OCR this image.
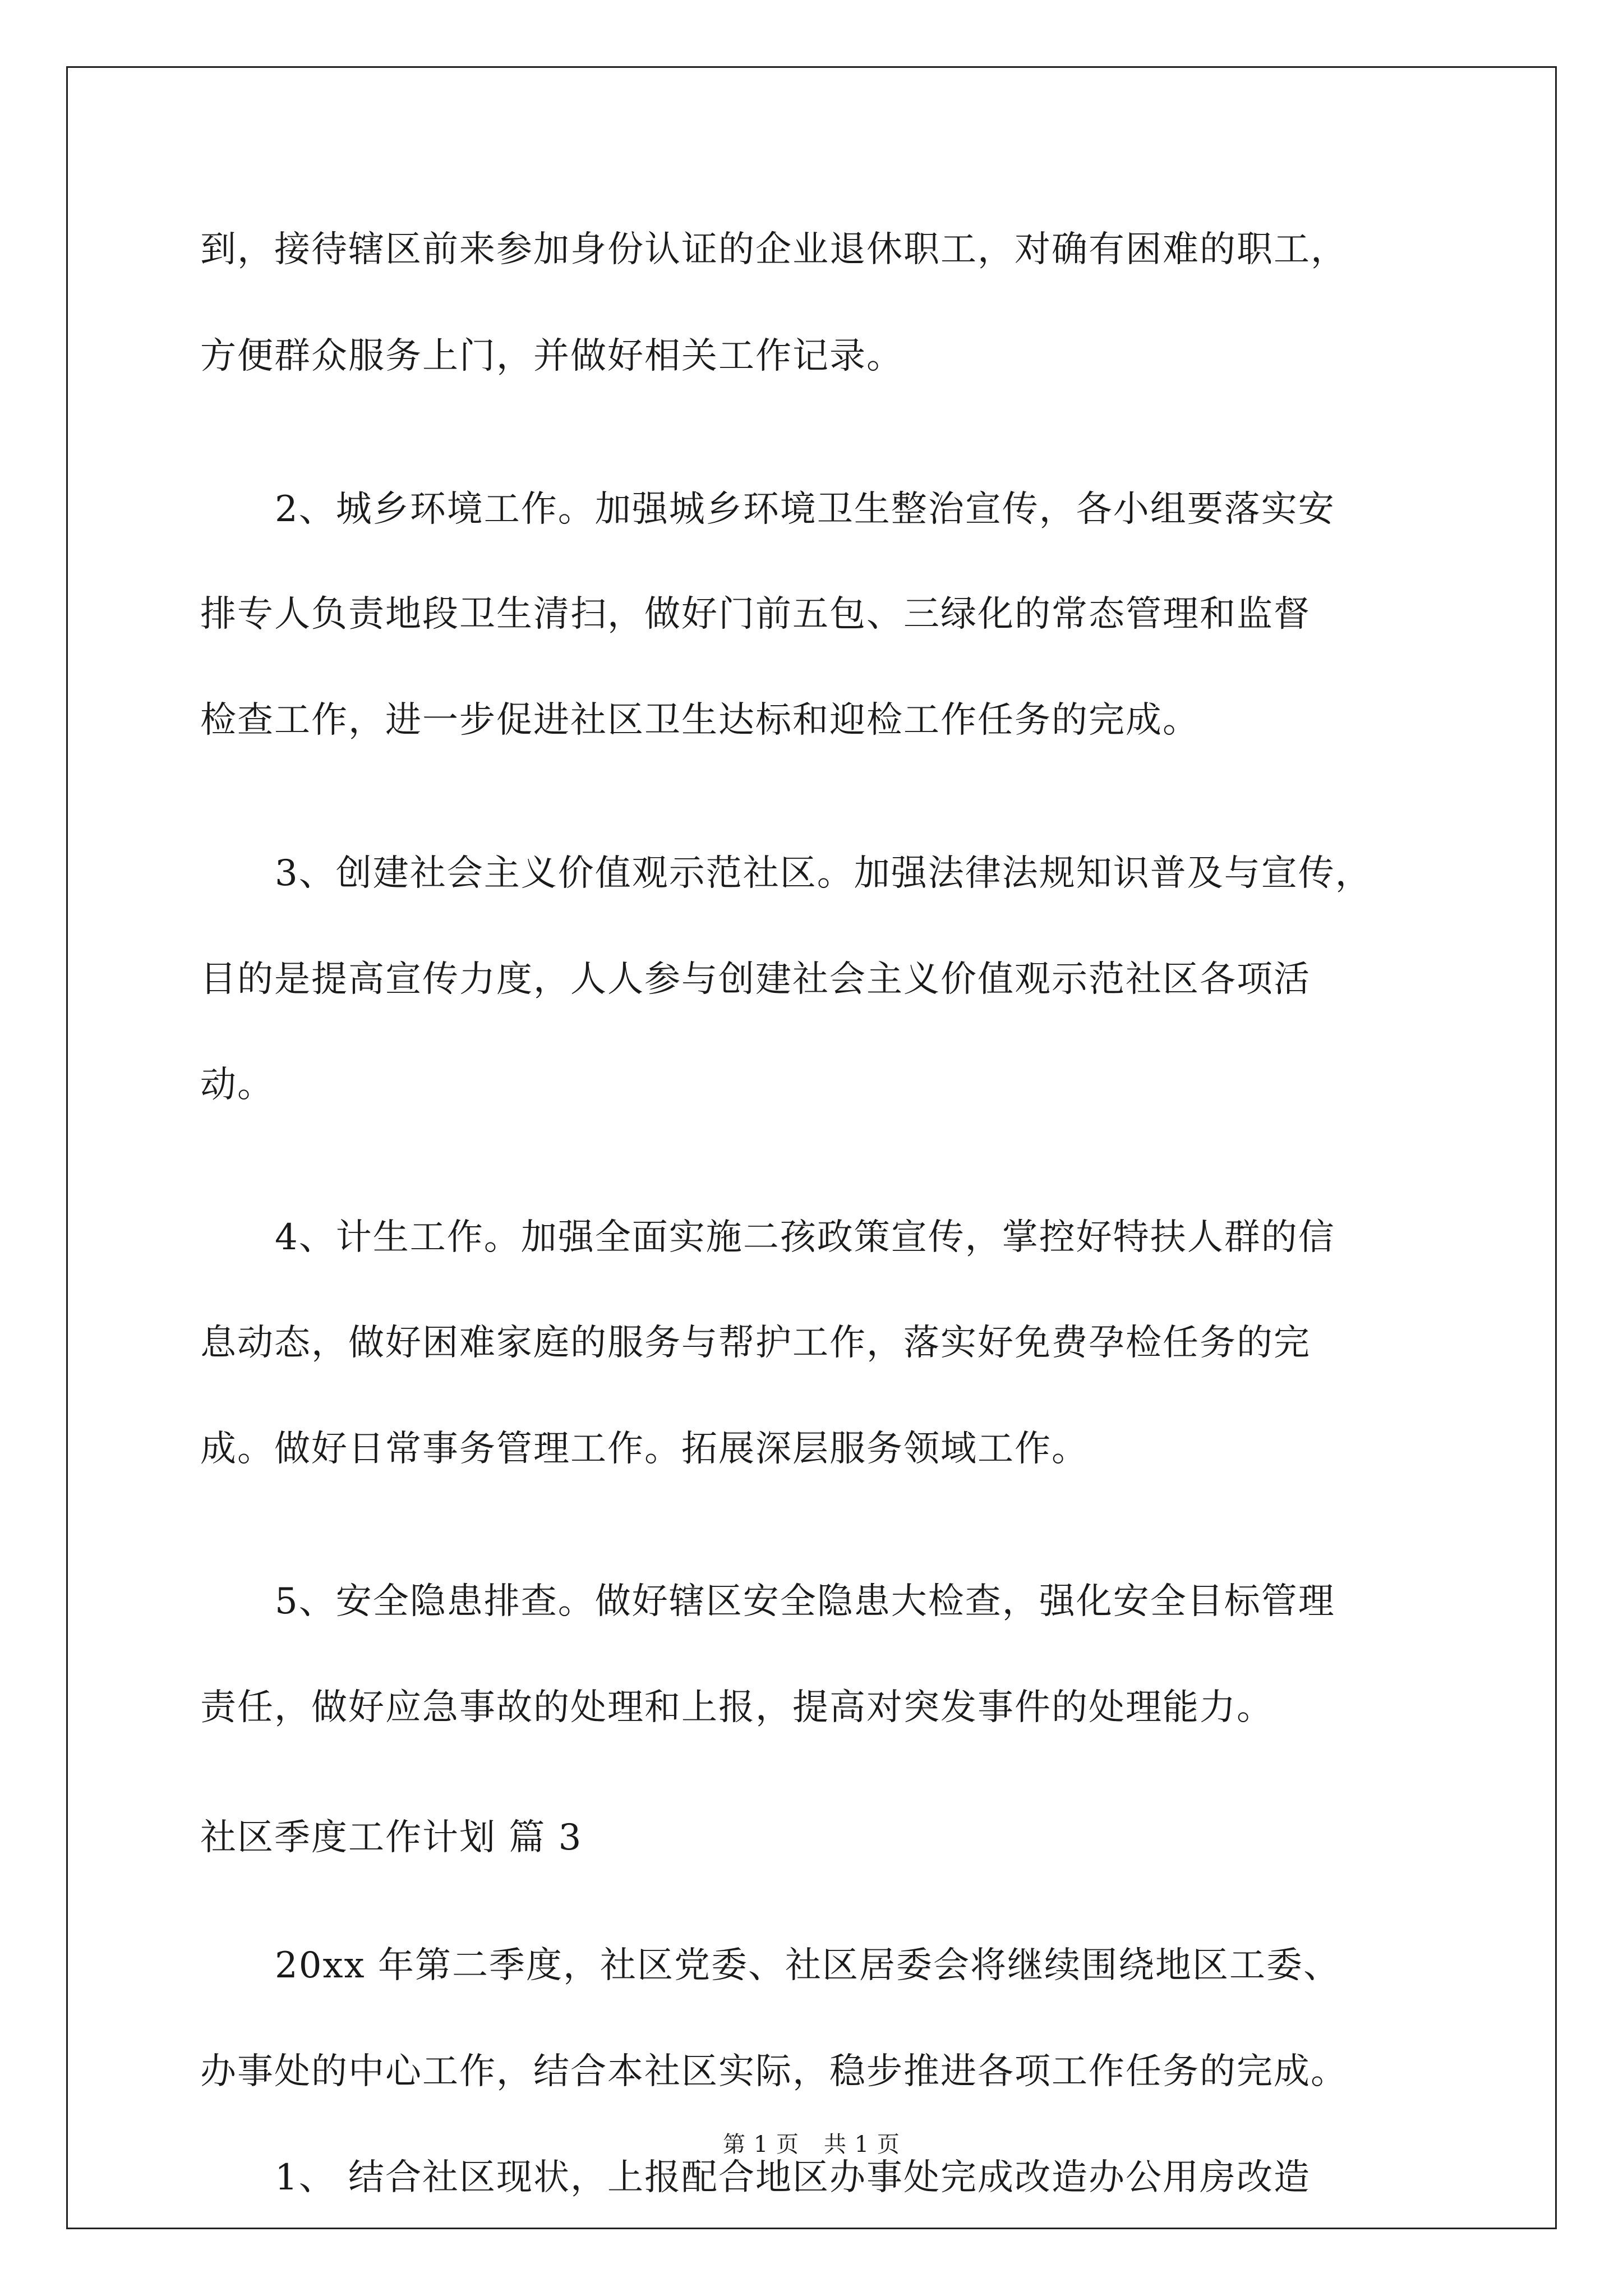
到，接待辖区前来参加身份认证的企业退休职工，对确有困难的职工，
方便群众服务上门，并做好相关工作记录。
2、城乡环境工作。加强城乡环境卫生整治宣传，各小组要落实安
排专人负责地段卫生清扫，做好门前五包、三绿化的常态管理和监督
检查工作，进一步促进社区卫生达标和迎检工作任务的完成。
3、创建社会主义价值观示范社区。加强法律法规知识普及与宣传，
目的是提高宣传力度，人人参与创建社会主义价值观示范社区各项活
动。
4、计生工作。加强全面实施二孩政策宣传，掌控好特扶人群的信
息动态，做好困难家庭的服务与帮护工作，落实好免费孕检任务的完
成。做好日常事务管理工作。拓展深层服务领域工作。
5、安全隐患排查。做好辖区安全隐患大检查，强化安全目标管理
责任，做好应急事故的处理和上报，提高对突发事件的处理能力。
社区季度工作计划 篇 3
20xx 年第二季度，社区党委、社区居委会将继续围绕地区工委、
办事处的中心工作，结合本社区实际，稳步推进各项工作任务的完成。
1、 结合社区现状，上报配合地区办事处完成改造办公用房改造
第 1 页 共 1 页
